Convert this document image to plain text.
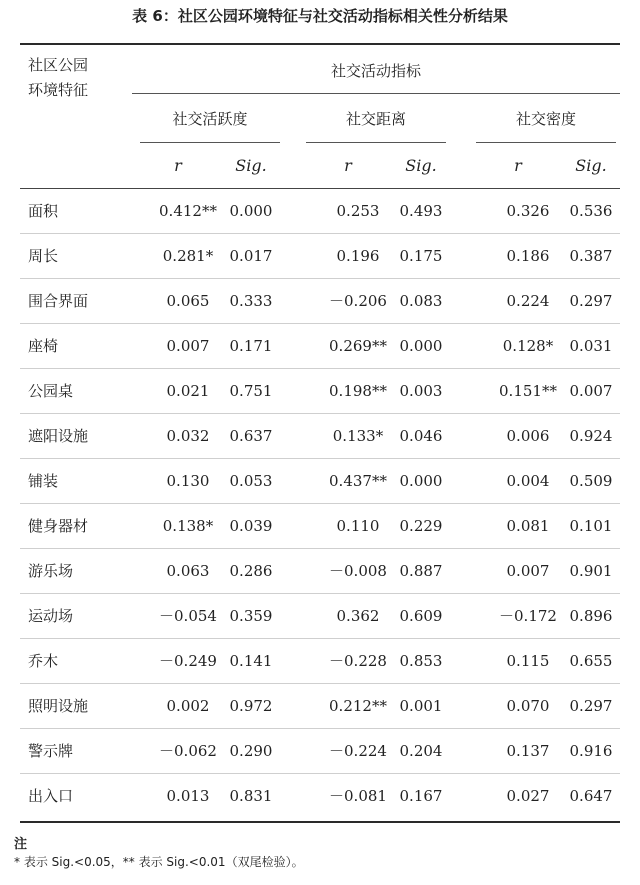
表 6：社区公园环境特征与社交活动指标相关性分析结果
社区公园
环境特征
社交活动指标
社交活跃度	社交距离	社交密度
r	Sig.	r	Sig.	r	Sig.
面积	0.412** 0.000	0.253	0.493	0.326	0.536
周长	0.281*	0.017	0.196	0.175	0.186	0.387
围合界面	0.065	0.333	－0.206 0.083	0.224	0.297
座椅	0.007	0.171	0.269** 0.000	0.128*	0.031
公园桌	0.021	0.751	0.198** 0.003	0.151** 0.007
遮阳设施	0.032	0.637	0.133*	0.046	0.006	0.924
铺装	0.130	0.053	0.437** 0.000	0.004	0.509
健身器材	0.138*	0.039	0.110	0.229	0.081	0.101
游乐场	0.063	0.286	－0.008 0.887	0.007	0.901
运动场	－0.054 0.359	0.362	0.609	－0.172 0.896
乔木	－0.249 0.141	－0.228 0.853	0.115	0.655
照明设施	0.002	0.972	0.212** 0.001	0.070	0.297
警示牌	－0.062 0.290	－0.224 0.204	0.137	0.916
出入口	0.013	0.831	－0.081 0.167	0.027	0.647
注
* 表示 Sig.<0.05，** 表示 Sig.<0.01（双尾检验）。
